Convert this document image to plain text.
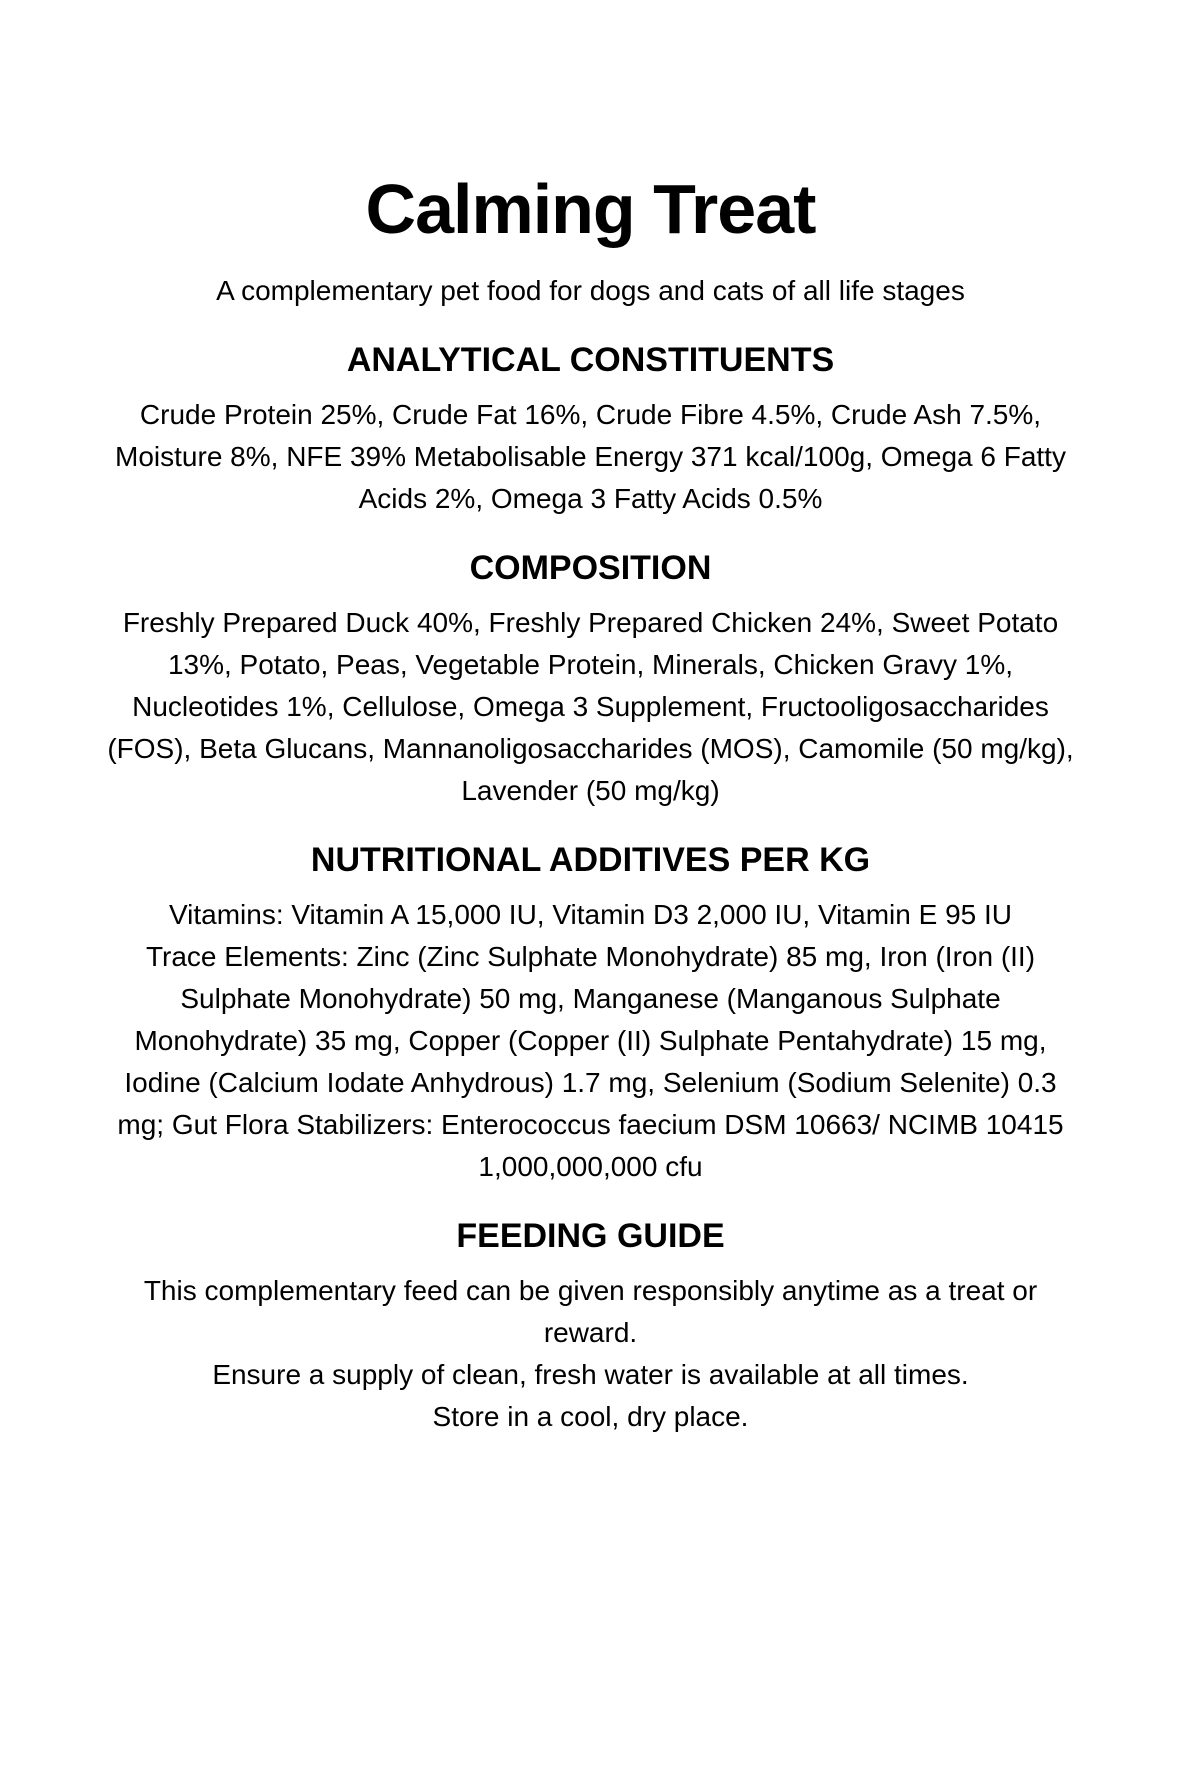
Calming Treat

A complementary pet food for dogs and cats of all life stages

ANALYTICAL CONSTITUENTS

Crude Protein 25%, Crude Fat 16%, Crude Fibre 4.5%, Crude Ash 7.5%, Moisture 8%, NFE 39% Metabolisable Energy 371 kcal/100g, Omega 6 Fatty Acids 2%, Omega 3 Fatty Acids 0.5%

COMPOSITION

Freshly Prepared Duck 40%, Freshly Prepared Chicken 24%, Sweet Potato 13%, Potato, Peas, Vegetable Protein, Minerals, Chicken Gravy 1%, Nucleotides 1%, Cellulose, Omega 3 Supplement, Fructooligosaccharides (FOS), Beta Glucans, Mannanoligosaccharides (MOS), Camomile (50 mg/kg), Lavender (50 mg/kg)

NUTRITIONAL ADDITIVES PER KG

Vitamins: Vitamin A 15,000 IU, Vitamin D3 2,000 IU, Vitamin E 95 IU

Trace Elements: Zinc (Zinc Sulphate Monohydrate) 85 mg, Iron (Iron (II) Sulphate Monohydrate) 50 mg, Manganese (Manganous Sulphate Monohydrate) 35 mg, Copper (Copper (II) Sulphate Pentahydrate) 15 mg, Iodine (Calcium Iodate Anhydrous) 1.7 mg, Selenium (Sodium Selenite) 0.3 mg; Gut Flora Stabilizers: Enterococcus faecium DSM 10663/ NCIMB 10415 1,000,000,000 cfu

FEEDING GUIDE

This complementary feed can be given responsibly anytime as a treat or reward.

Ensure a supply of clean, fresh water is available at all times.

Store in a cool, dry place.
